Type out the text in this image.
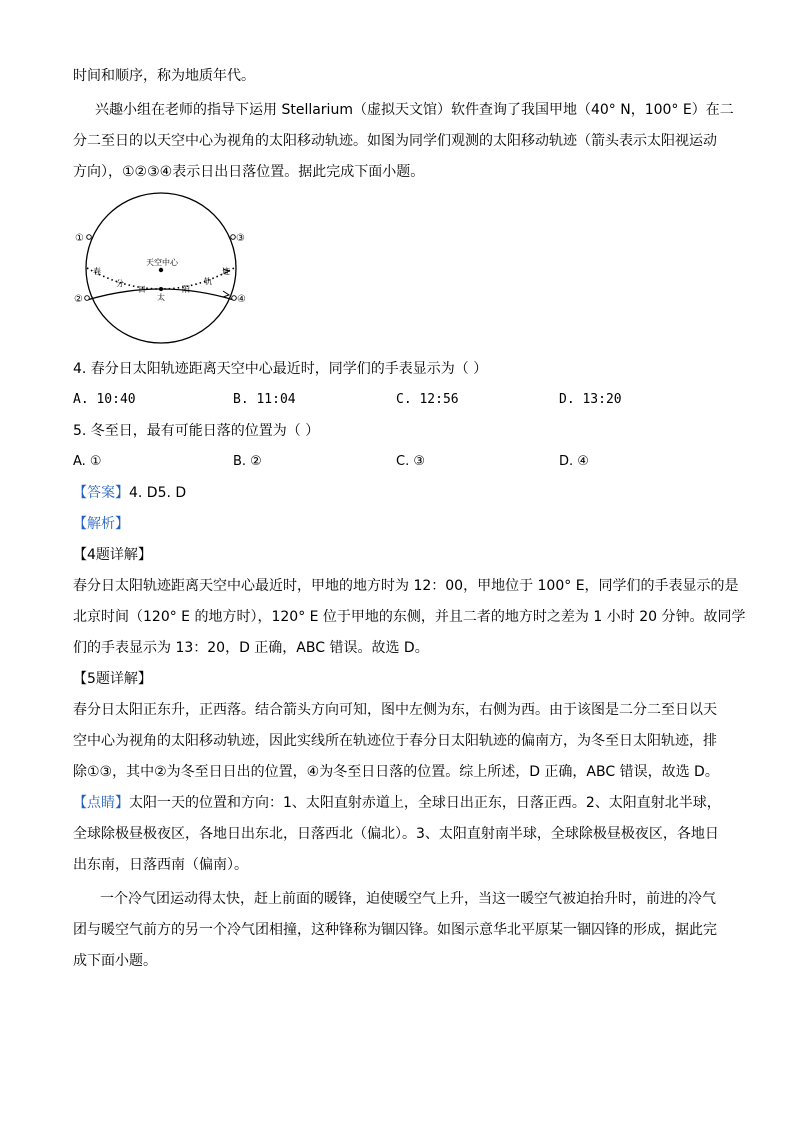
时间和顺序，称为地质年代。
兴趣小组在老师的指导下运用 Stellarium（虚拟天文馆）软件查询了我国甲地（40° N，100° E）在二
分二至日的以天空中心为视角的太阳移动轨迹。如图为同学们观测的太阳移动轨迹（箭头表示太阳视运动
方向），①②③④表示日出日落位置。据此完成下面小题。
天空中心
①
②
③
④
春
分
日
太
阳
轨
迹
4. 春分日太阳轨迹距离天空中心最近时，同学们的手表显示为（ ）
A. 10:40	B. 11:04	C. 12:56	D. 13:20
5. 冬至日，最有可能日落的位置为（ ）
A. ①	B. ②	C. ③	D. ④
【答案】4. D5. D
【解析】
【4题详解】
春分日太阳轨迹距离天空中心最近时，甲地的地方时为 12：00，甲地位于 100° E，同学们的手表显示的是
北京时间（120° E 的地方时），120° E 位于甲地的东侧，并且二者的地方时之差为 1 小时 20 分钟。故同学
们的手表显示为 13：20，D 正确，ABC 错误。故选 D。
【5题详解】
春分日太阳正东升，正西落。结合箭头方向可知，图中左侧为东，右侧为西。由于该图是二分二至日以天
空中心为视角的太阳移动轨迹，因此实线所在轨迹位于春分日太阳轨迹的偏南方，为冬至日太阳轨迹，排
除①③，其中②为冬至日日出的位置，④为冬至日日落的位置。综上所述，D 正确，ABC 错误，故选 D。
【点睛】太阳一天的位置和方向：1、太阳直射赤道上，全球日出正东，日落正西。2、太阳直射北半球，
全球除极昼极夜区，各地日出东北，日落西北（偏北）。3、太阳直射南半球，全球除极昼极夜区，各地日
出东南，日落西南（偏南）。
一个冷气团运动得太快，赶上前面的暖锋，迫使暖空气上升，当这一暖空气被迫抬升时，前进的冷气
团与暖空气前方的另一个冷气团相撞，这种锋称为锢囚锋。如图示意华北平原某一锢囚锋的形成，据此完
成下面小题。
